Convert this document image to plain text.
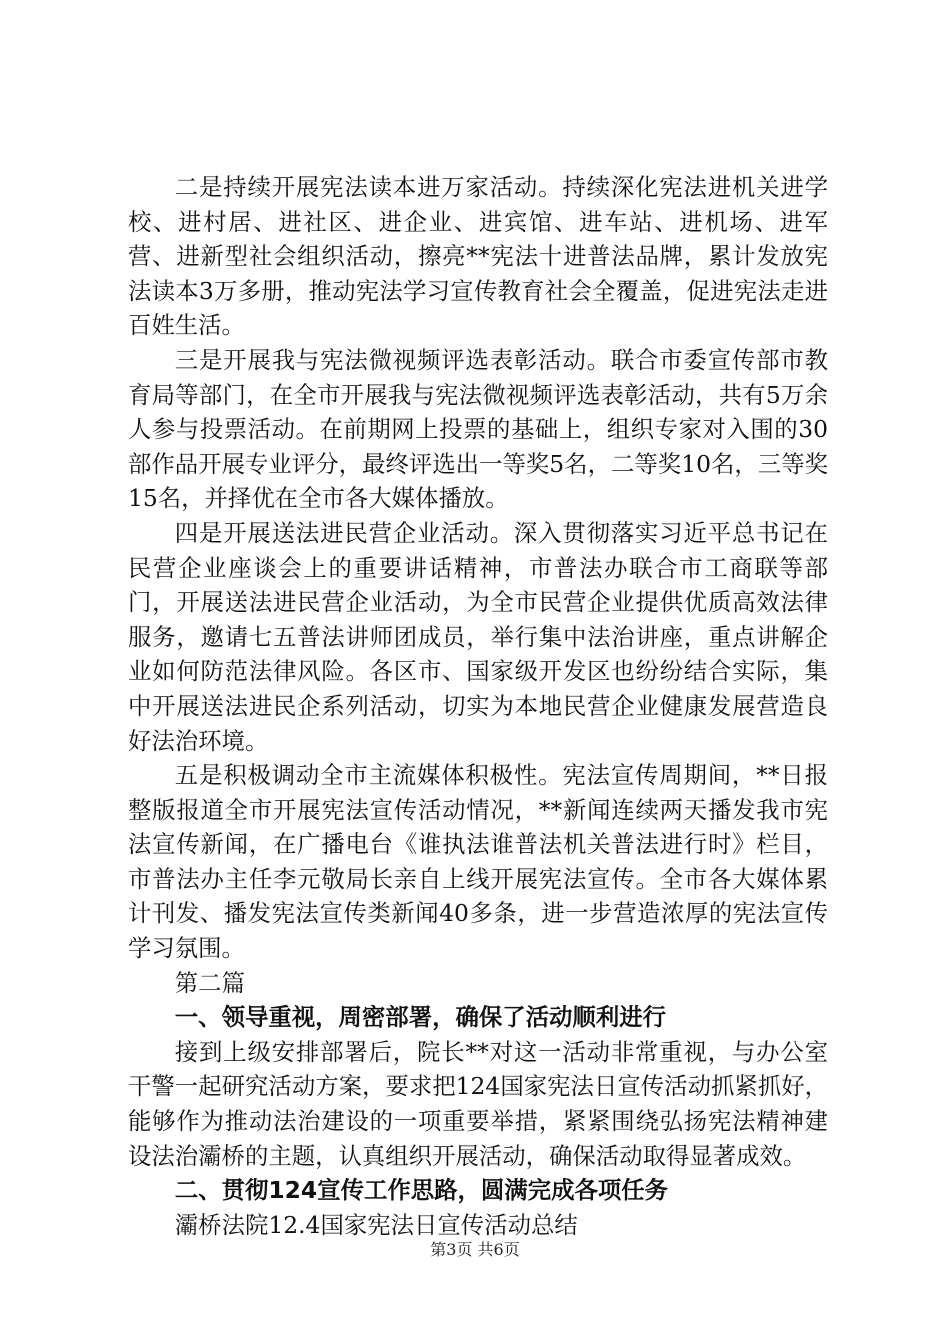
二是持续开展宪法读本进万家活动。持续深化宪法进机关进学校、进村居、进社区、进企业、进宾馆、进车站、进机场、进军营、进新型社会组织活动，擦亮**宪法十进普法品牌，累计发放宪法读本3万多册，推动宪法学习宣传教育社会全覆盖，促进宪法走进百姓生活。

三是开展我与宪法微视频评选表彰活动。联合市委宣传部市教育局等部门，在全市开展我与宪法微视频评选表彰活动，共有5万余人参与投票活动。在前期网上投票的基础上，组织专家对入围的30部作品开展专业评分，最终评选出一等奖5名，二等奖10名，三等奖15名，并择优在全市各大媒体播放。

四是开展送法进民营企业活动。深入贯彻落实习近平总书记在民营企业座谈会上的重要讲话精神，市普法办联合市工商联等部门，开展送法进民营企业活动，为全市民营企业提供优质高效法律服务，邀请七五普法讲师团成员，举行集中法治讲座，重点讲解企业如何防范法律风险。各区市、国家级开发区也纷纷结合实际，集中开展送法进民企系列活动，切实为本地民营企业健康发展营造良好法治环境。

五是积极调动全市主流媒体积极性。宪法宣传周期间，**日报整版报道全市开展宪法宣传活动情况，**新闻连续两天播发我市宪法宣传新闻，在广播电台《谁执法谁普法机关普法进行时》栏目，市普法办主任李元敬局长亲自上线开展宪法宣传。全市各大媒体累计刊发、播发宪法宣传类新闻40多条，进一步营造浓厚的宪法宣传学习氛围。

第二篇

一、领导重视，周密部署，确保了活动顺利进行

接到上级安排部署后，院长**对这一活动非常重视，与办公室干警一起研究活动方案，要求把124国家宪法日宣传活动抓紧抓好，能够作为推动法治建设的一项重要举措，紧紧围绕弘扬宪法精神建设法治灞桥的主题，认真组织开展活动，确保活动取得显著成效。

二、贯彻124宣传工作思路，圆满完成各项任务

灞桥法院12.4国家宪法日宣传活动总结

第3页 共6页
